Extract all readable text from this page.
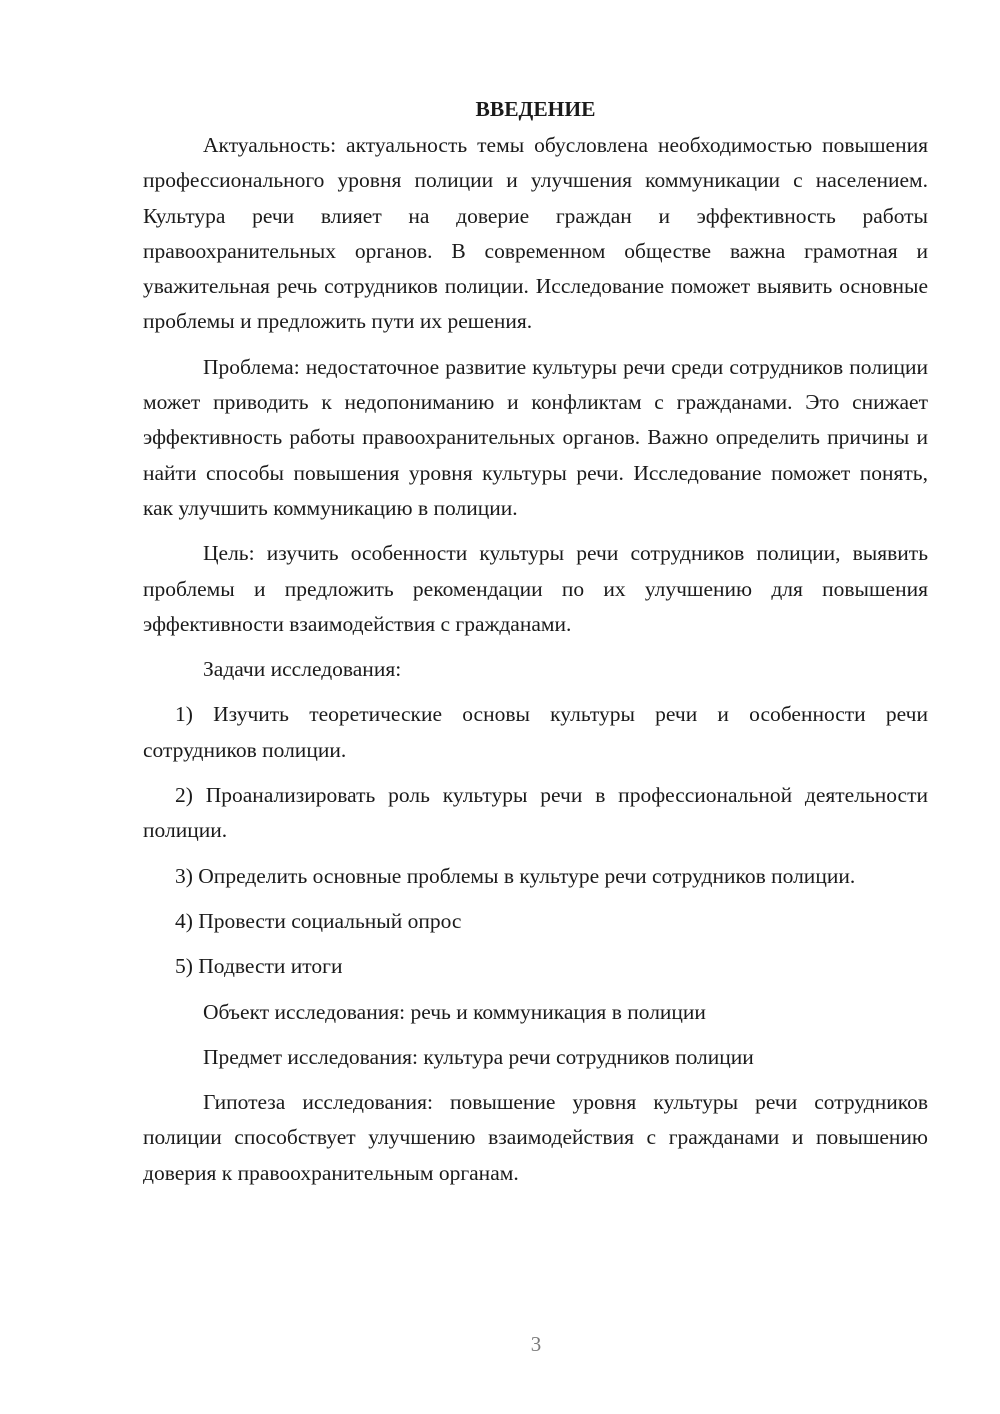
ВВЕДЕНИЕ

Актуальность: актуальность темы обусловлена необходимостью повышения профессионального уровня полиции и улучшения коммуникации с населением. Культура речи влияет на доверие граждан и эффективность работы правоохранительных органов. В современном обществе важна грамотная и уважительная речь сотрудников полиции. Исследование поможет выявить основные проблемы и предложить пути их решения.

Проблема: недостаточное развитие культуры речи среди сотрудников полиции может приводить к недопониманию и конфликтам с гражданами. Это снижает эффективность работы правоохранительных органов. Важно определить причины и найти способы повышения уровня культуры речи. Исследование поможет понять, как улучшить коммуникацию в полиции.

Цель: изучить особенности культуры речи сотрудников полиции, выявить проблемы и предложить рекомендации по их улучшению для повышения эффективности взаимодействия с гражданами.

Задачи исследования:

1) Изучить теоретические основы культуры речи и особенности речи сотрудников полиции.

2) Проанализировать роль культуры речи в профессиональной деятельности полиции.

3) Определить основные проблемы в культуре речи сотрудников полиции.

4) Провести социальный опрос

5) Подвести итоги

Объект исследования: речь и коммуникация в полиции

Предмет исследования: культура речи сотрудников полиции

Гипотеза исследования: повышение уровня культуры речи сотрудников полиции способствует улучшению взаимодействия с гражданами и повышению доверия к правоохранительным органам.

3
